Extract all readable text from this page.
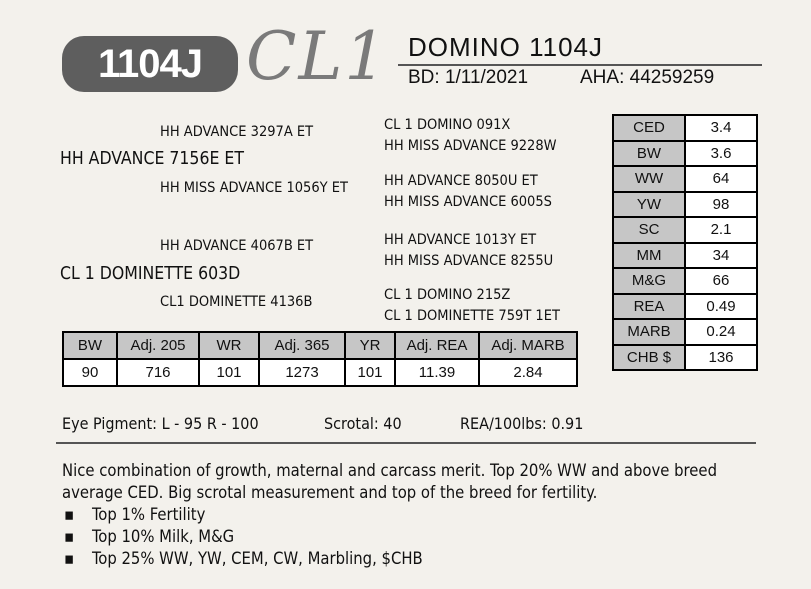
1104J CL1 DOMINO 1104J
BD: 1/11/2021	AHA: 44259259
HH ADVANCE 3297A ET
HH ADVANCE 7156E ET
HH MISS ADVANCE 1056Y ET
CL 1 DOMINO 091X
HH MISS ADVANCE 9228W
HH ADVANCE 8050U ET
HH MISS ADVANCE 6005S
HH ADVANCE 4067B ET
CL 1 DOMINETTE 603D
CL1 DOMINETTE 4136B
HH ADVANCE 1013Y ET
HH MISS ADVANCE 8255U
CL 1 DOMINO 215Z
CL 1 DOMINETTE 759T 1ET
CED	3.4
BW	3.6
WW	64
YW	98
SC	2.1
MM	34
M&G	66
REA	0.49
MARB	0.24
CHB $	136
BW	Adj. 205	WR	Adj. 365	YR	Adj. REA	Adj. MARB
90	716	101	1273	101	11.39	2.84
Eye Pigment: L - 95 R - 100	Scrotal: 40	REA/100lbs: 0.91
Nice combination of growth, maternal and carcass merit. Top 20% WW and above breed average CED. Big scrotal measurement and top of the breed for fertility.
▪ Top 1% Fertility
▪ Top 10% Milk, M&G
▪ Top 25% WW, YW, CEM, CW, Marbling, $CHB
